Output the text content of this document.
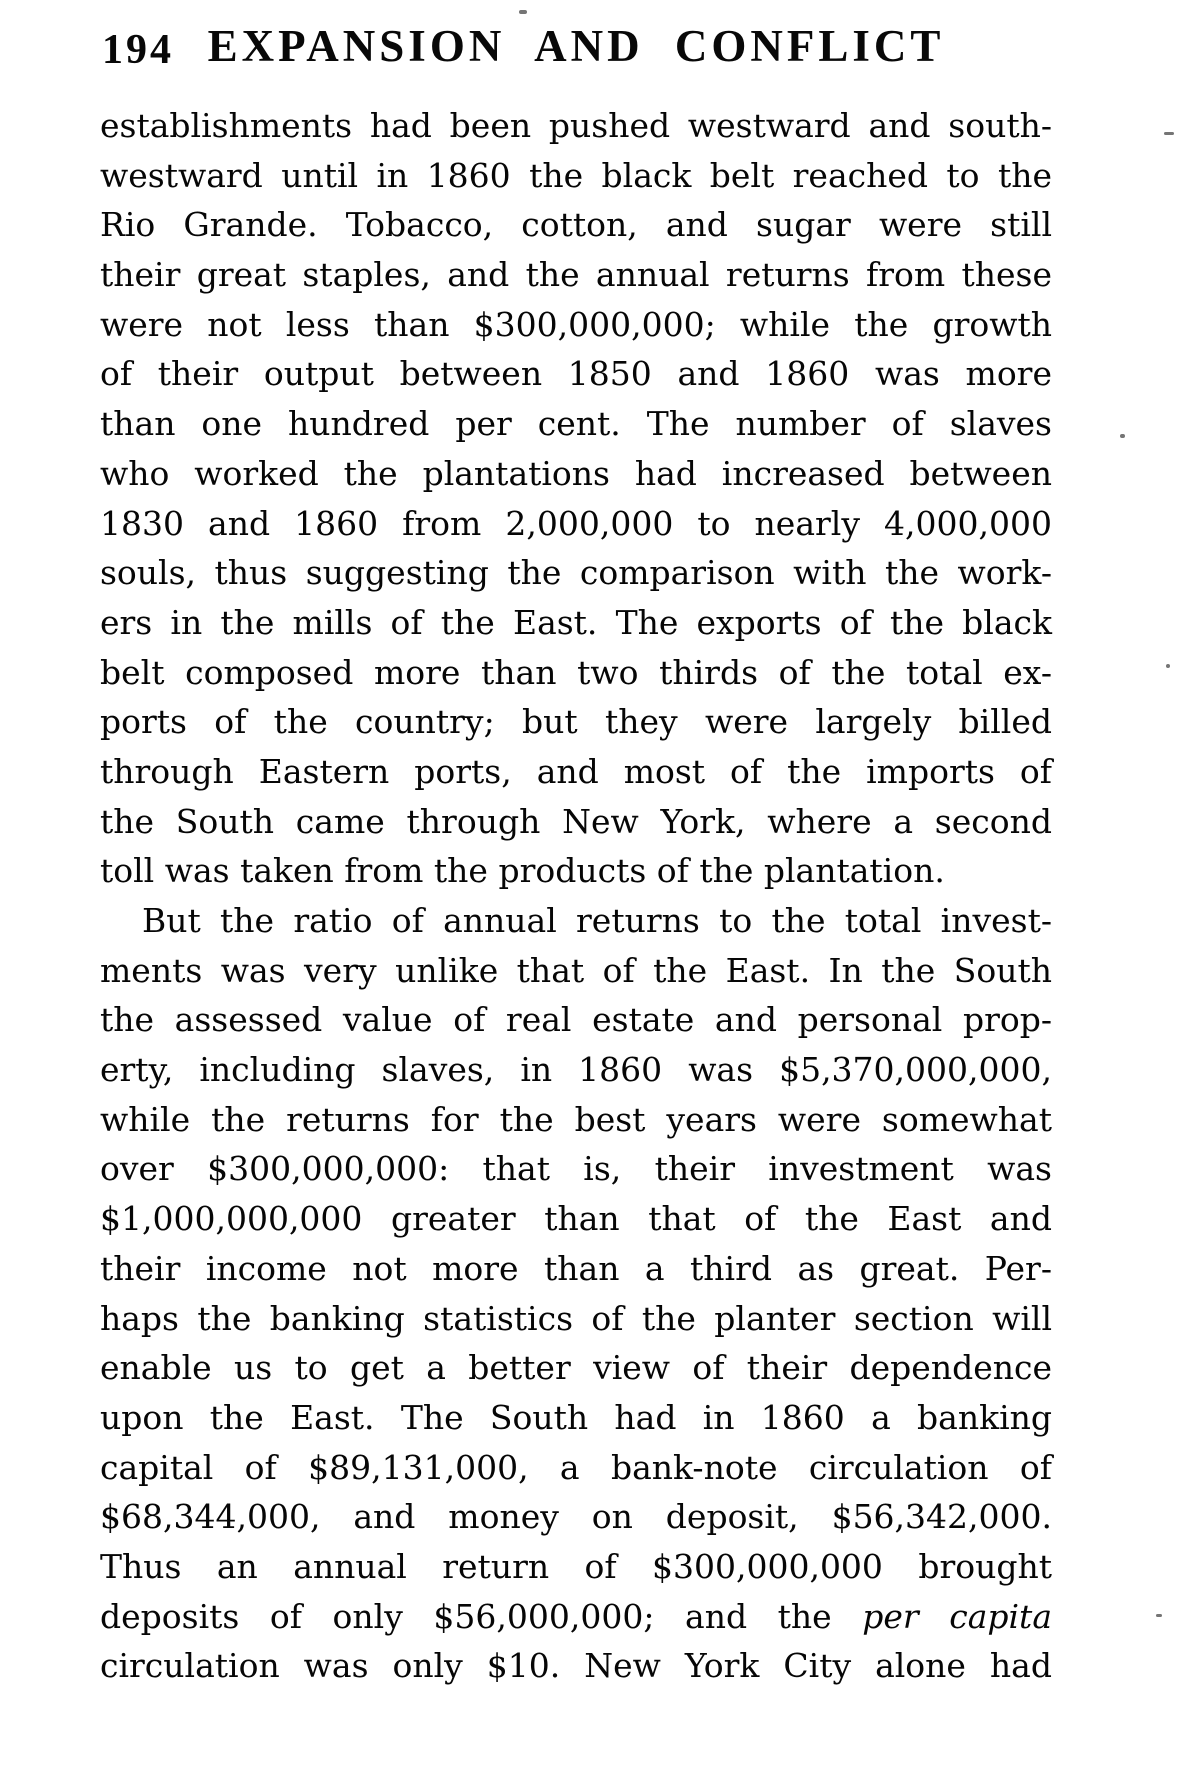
194 EXPANSION AND CONFLICT
establishments had been pushed westward and south-
westward until in 1860 the black belt reached to the
Rio Grande. Tobacco, cotton, and sugar were still
their great staples, and the annual returns from these
were not less than $300,000,000; while the growth
of their output between 1850 and 1860 was more
than one hundred per cent. The number of slaves
who worked the plantations had increased between
1830 and 1860 from 2,000,000 to nearly 4,000,000
souls, thus suggesting the comparison with the work-
ers in the mills of the East. The exports of the black
belt composed more than two thirds of the total ex-
ports of the country; but they were largely billed
through Eastern ports, and most of the imports of
the South came through New York, where a second
toll was taken from the products of the plantation.
But the ratio of annual returns to the total invest-
ments was very unlike that of the East. In the South
the assessed value of real estate and personal prop-
erty, including slaves, in 1860 was $5,370,000,000,
while the returns for the best years were somewhat
over $300,000,000: that is, their investment was
$1,000,000,000 greater than that of the East and
their income not more than a third as great. Per-
haps the banking statistics of the planter section will
enable us to get a better view of their dependence
upon the East. The South had in 1860 a banking
capital of $89,131,000, a bank-note circulation of
$68,344,000, and money on deposit, $56,342,000.
Thus an annual return of $300,000,000 brought
deposits of only $56,000,000; and the per capita
circulation was only $10. New York City alone had
